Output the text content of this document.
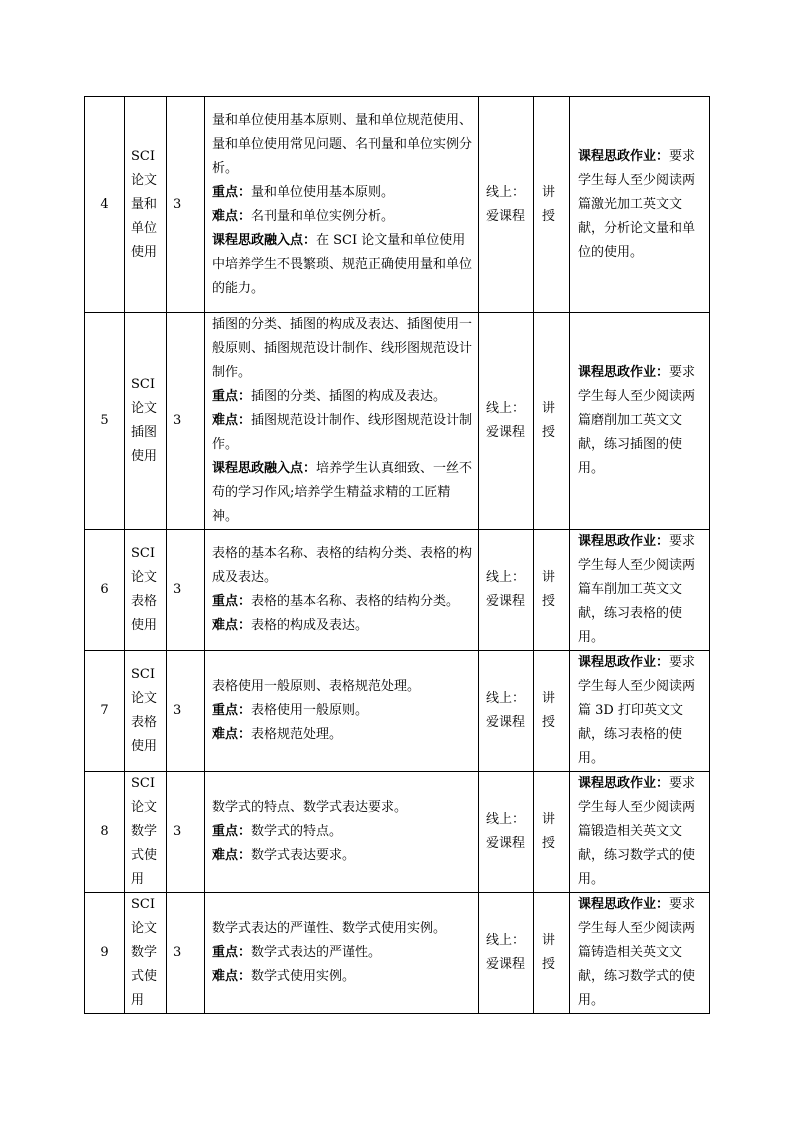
4	SCI
论文
量和
单位
使用	3	量和单位使用基本原则、量和单位规范使用、量和单位使用常见问题、名刊量和单位实例分析。
重点：量和单位使用基本原则。
难点：名刊量和单位实例分析。
课程思政融入点：在 SCI 论文量和单位使用中培养学生不畏繁琐、规范正确使用量和单位的能力。	线上：
爱课程	讲
授	课程思政作业：要求学生每人至少阅读两篇激光加工英文文献，分析论文量和单位的使用。
5	SCI
论文
插图
使用	3	插图的分类、插图的构成及表达、插图使用一般原则、插图规范设计制作、线形图规范设计制作。
重点：插图的分类、插图的构成及表达。
难点：插图规范设计制作、线形图规范设计制作。
课程思政融入点：培养学生认真细致、一丝不苟的学习作风;培养学生精益求精的工匠精神。	线上：
爱课程	讲
授	课程思政作业：要求学生每人至少阅读两篇磨削加工英文文献，练习插图的使用。
6	SCI
论文
表格
使用	3	表格的基本名称、表格的结构分类、表格的构成及表达。
重点：表格的基本名称、表格的结构分类。
难点：表格的构成及表达。	线上：
爱课程	讲
授	课程思政作业：要求学生每人至少阅读两篇车削加工英文文献，练习表格的使用。
7	SCI
论文
表格
使用	3	表格使用一般原则、表格规范处理。
重点：表格使用一般原则。
难点：表格规范处理。	线上：
爱课程	讲
授	课程思政作业：要求学生每人至少阅读两篇 3D 打印英文文献，练习表格的使用。
8	SCI
论文
数学
式使
用	3	数学式的特点、数学式表达要求。
重点：数学式的特点。
难点：数学式表达要求。	线上：
爱课程	讲
授	课程思政作业：要求学生每人至少阅读两篇锻造相关英文文献，练习数学式的使用。
9	SCI
论文
数学
式使
用	3	数学式表达的严谨性、数学式使用实例。
重点：数学式表达的严谨性。
难点：数学式使用实例。	线上：
爱课程	讲
授	课程思政作业：要求学生每人至少阅读两篇铸造相关英文文献，练习数学式的使用。
